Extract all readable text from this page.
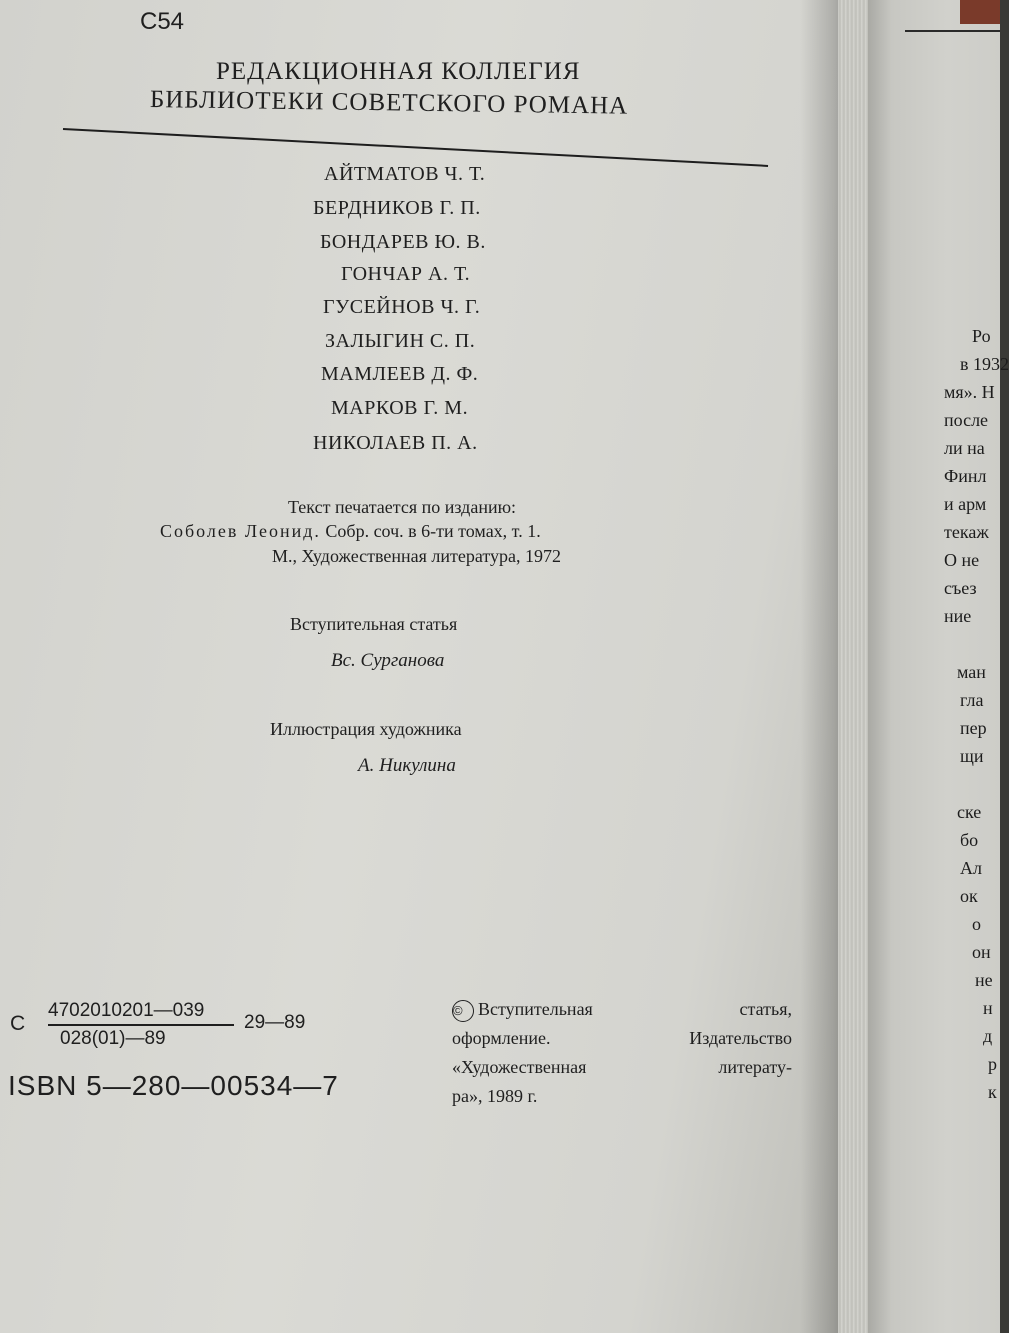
С54
РЕДАКЦИОННАЯ КОЛЛЕГИЯ
БИБЛИОТЕКИ СОВЕТСКОГО РОМАНА
АЙТМАТОВ Ч. Т.
БЕРДНИКОВ Г. П.
БОНДАРЕВ Ю. В.
ГОНЧАР А. Т.
ГУСЕЙНОВ Ч. Г.
ЗАЛЫГИН С. П.
МАМЛЕЕВ Д. Ф.
МАРКОВ Г. М.
НИКОЛАЕВ П. А.
Текст печатается по изданию:
Соболев Леонид. Собр. соч. в 6-ти томах, т. 1.
М., Художественная литература, 1972
Вступительная статья
Вс. Сурганова
Иллюстрация художника
А. Никулина
С
4702010201—039
028(01)—89
29—89
ISBN 5—280—00534—7
© Вступительная статья,
оформление. Издательство
«Художественная литерату-
ра», 1989 г.
Ро
в 1932
мя». Н
после
ли на
Финл
и арм
текаж
О не
съез
ние
ман
глa
пер
щи
ске
бо
Ал
ок
о
он
не
н
д
р
к
